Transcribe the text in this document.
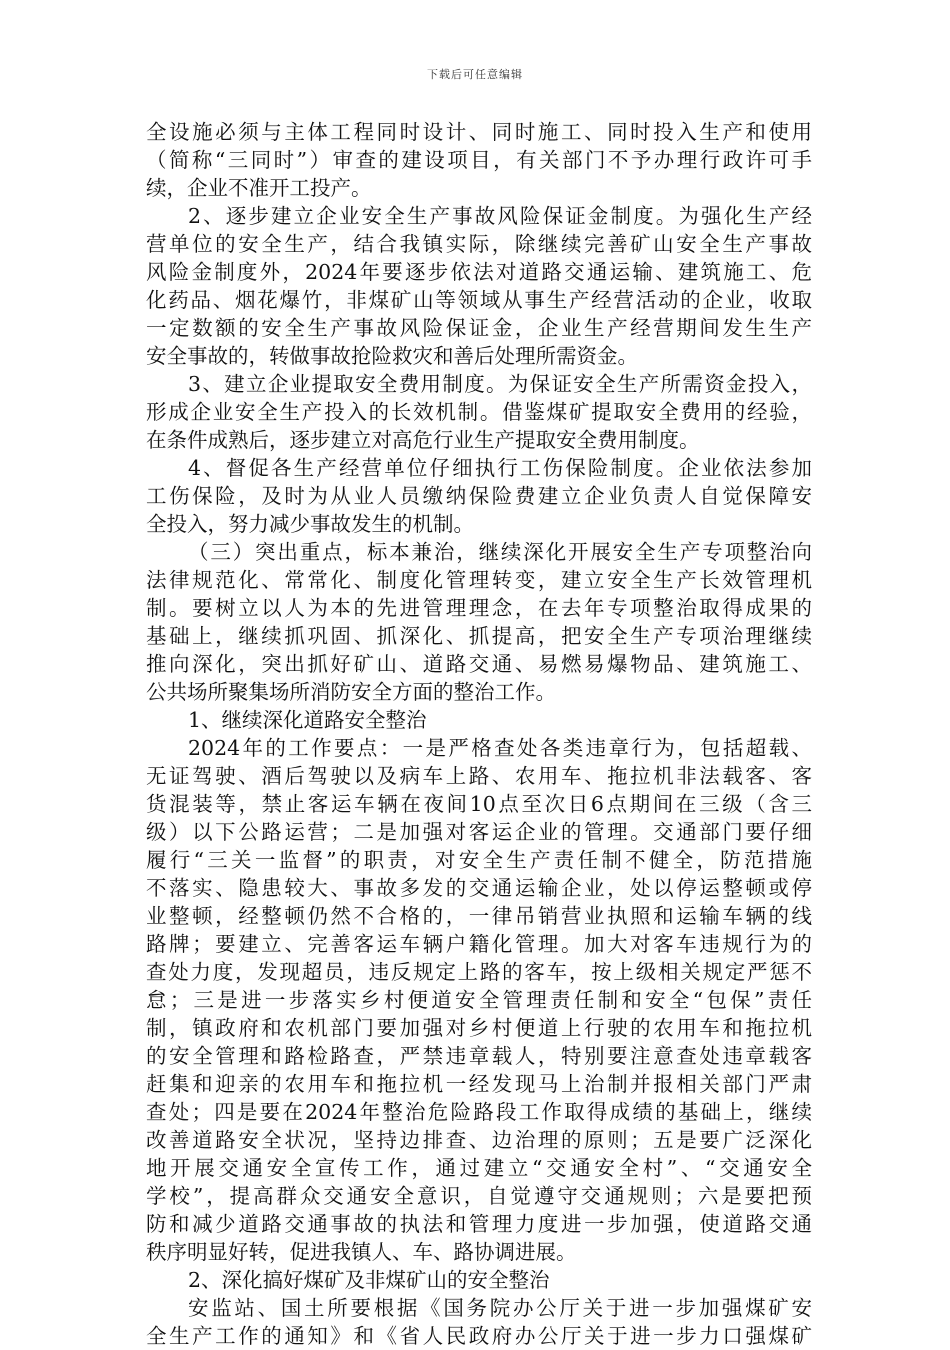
下载后可任意编辑
全设施必须与主体工程同时设计、同时施工、同时投入生产和使用
（简称“三同时”）审查的建设项目，有关部门不予办理行政许可手
续，企业不准开工投产。
2、逐步建立企业安全生产事故风险保证金制度。为强化生产经
营单位的安全生产，结合我镇实际，除继续完善矿山安全生产事故
风险金制度外，2024年要逐步依法对道路交通运输、建筑施工、危
化药品、烟花爆竹，非煤矿山等领域从事生产经营活动的企业，收取
一定数额的安全生产事故风险保证金，企业生产经营期间发生生产
安全事故的，转做事故抢险救灾和善后处理所需资金。
3、建立企业提取安全费用制度。为保证安全生产所需资金投入，
形成企业安全生产投入的长效机制。借鉴煤矿提取安全费用的经验，
在条件成熟后，逐步建立对高危行业生产提取安全费用制度。
4、督促各生产经营单位仔细执行工伤保险制度。企业依法参加
工伤保险，及时为从业人员缴纳保险费建立企业负责人自觉保障安
全投入，努力减少事故发生的机制。
（三）突出重点，标本兼治，继续深化开展安全生产专项整治向
法律规范化、常常化、制度化管理转变，建立安全生产长效管理机
制。要树立以人为本的先进管理理念，在去年专项整治取得成果的
基础上，继续抓巩固、抓深化、抓提高，把安全生产专项治理继续
推向深化，突出抓好矿山、道路交通、易燃易爆物品、建筑施工、
公共场所聚集场所消防安全方面的整治工作。
1、继续深化道路安全整治
2024年的工作要点：一是严格查处各类违章行为，包括超载、
无证驾驶、酒后驾驶以及病车上路、农用车、拖拉机非法载客、客
货混装等，禁止客运车辆在夜间10点至次日6点期间在三级（含三
级）以下公路运营；二是加强对客运企业的管理。交通部门要仔细
履行“三关一监督”的职责，对安全生产责任制不健全，防范措施
不落实、隐患较大、事故多发的交通运输企业，处以停运整顿或停
业整顿，经整顿仍然不合格的，一律吊销营业执照和运输车辆的线
路牌；要建立、完善客运车辆户籍化管理。加大对客车违规行为的
查处力度，发现超员，违反规定上路的客车，按上级相关规定严惩不
怠；三是进一步落实乡村便道安全管理责任制和安全“包保”责任
制，镇政府和农机部门要加强对乡村便道上行驶的农用车和拖拉机
的安全管理和路检路查，严禁违章载人，特别要注意查处违章载客
赶集和迎亲的农用车和拖拉机一经发现马上治制并报相关部门严肃
查处；四是要在2024年整治危险路段工作取得成绩的基础上，继续
改善道路安全状况，坚持边排查、边治理的原则；五是要广泛深化
地开展交通安全宣传工作，通过建立“交通安全村”、“交通安全
学校”，提高群众交通安全意识，自觉遵守交通规则；六是要把预
防和减少道路交通事故的执法和管理力度进一步加强，使道路交通
秩序明显好转，促进我镇人、车、路协调进展。
2、深化搞好煤矿及非煤矿山的安全整治
安监站、国土所要根据《国务院办公厅关于进一步加强煤矿安
全生产工作的通知》和《省人民政府办公厅关于进一步力口强煤矿
